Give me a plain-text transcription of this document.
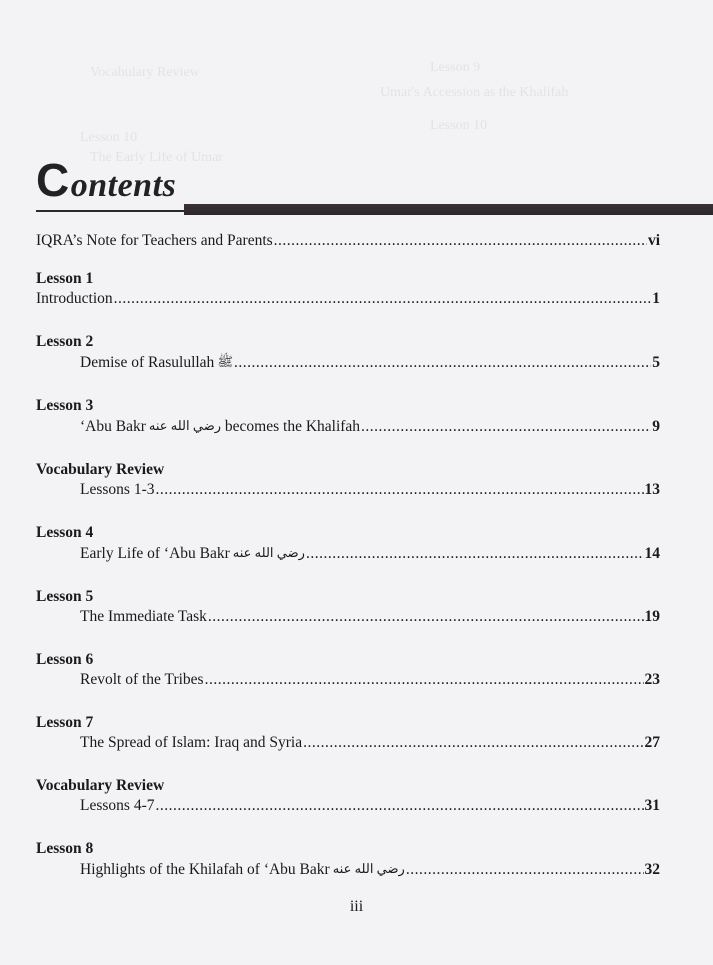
Lesson 9
Vocabulary Review
Umar's Accession as the Khalifah
Lesson 10
Lesson 10
The Early Life of Umar
Contents
IQRA’s Note for Teachers and Parents .....	vi
Lesson 1
Introduction .....	1
Lesson 2
Demise of Rasulullah ﷺ .....	5
Lesson 3
‘Abu Bakr رضي الله عنه becomes the Khalifah .....	9
Vocabulary Review
Lessons 1-3 .....	13
Lesson 4
Early Life of ‘Abu Bakr رضي الله عنه .....	14
Lesson 5
The Immediate Task .....	19
Lesson 6
Revolt of the Tribes .....	23
Lesson 7
The Spread of Islam: Iraq and Syria .....	27
Vocabulary Review
Lessons 4-7 .....	31
Lesson 8
Highlights of the Khilafah of ‘Abu Bakr رضي الله عنه .....	32
iii
